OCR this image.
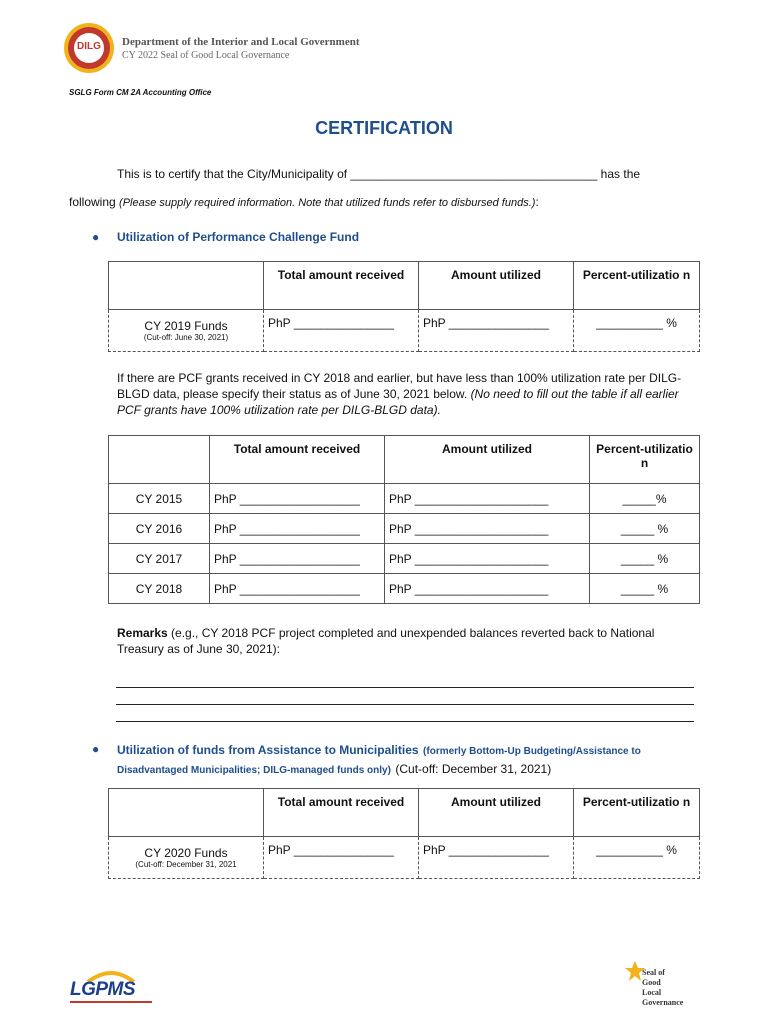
DILG	Department of the Interior and Local Government
CY 2022 Seal of Good Local Governance
SGLG Form CM 2A Accounting Office
CERTIFICATION
This is to certify that the City/Municipality of _____________________________________ has the
following (Please supply required information. Note that utilized funds refer to disbursed funds.):
● Utilization of Performance Challenge Fund
	Total amount received	Amount utilized	Percent-utilizatio n
CY 2019 Funds
(Cut-off: June 30, 2021)	PhP _______________	PhP _______________	__________ %
If there are PCF grants received in CY 2018 and earlier, but have less than 100% utilization rate per DILG-BLGD data, please specify their status as of June 30, 2021 below. (No need to fill out the table if all earlier PCF grants have 100% utilization rate per DILG-BLGD data).
	Total amount received	Amount utilized	Percent-utilizatio n
CY 2015	PhP __________________	PhP ____________________	_____%
CY 2016	PhP __________________	PhP ____________________	_____ %
CY 2017	PhP __________________	PhP ____________________	_____ %
CY 2018	PhP __________________	PhP ____________________	_____ %
Remarks (e.g., CY 2018 PCF project completed and unexpended balances reverted back to National Treasury as of June 30, 2021):
● Utilization of funds from Assistance to Municipalities (formerly Bottom-Up Budgeting/Assistance to Disadvantaged Municipalities; DILG-managed funds only) (Cut-off: December 31, 2021)
	Total amount received	Amount utilized	Percent-utilizatio n
CY 2020 Funds
(Cut-off: December 31, 2021	PhP _______________	PhP _______________	__________ %
LGPMS
Seal of
Good
Local
Governance
